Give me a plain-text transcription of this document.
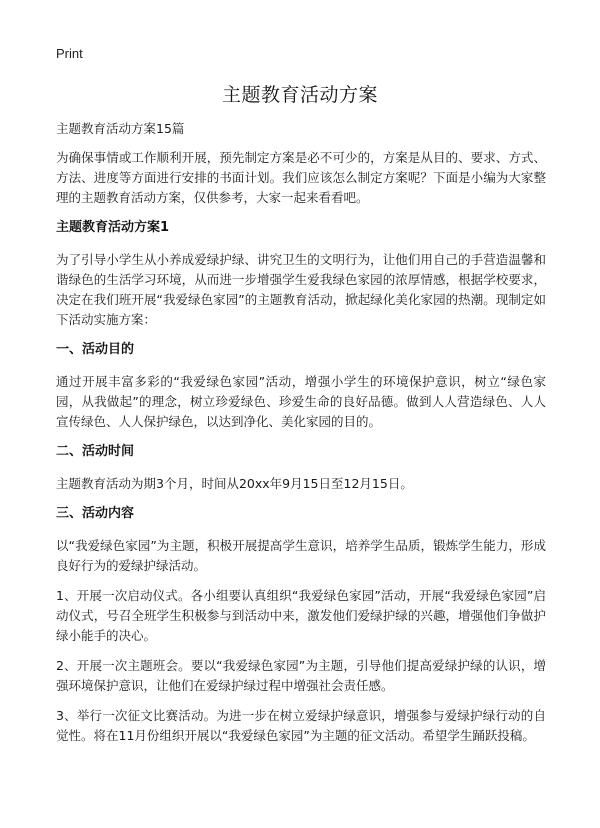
Print
主题教育活动方案
主题教育活动方案15篇

为确保事情或工作顺利开展，预先制定方案是必不可少的，方案是从目的、要求、方式、方法、进度等方面进行安排的书面计划。我们应该怎么制定方案呢？下面是小编为大家整理的主题教育活动方案，仅供参考，大家一起来看看吧。

主题教育活动方案1

为了引导小学生从小养成爱绿护绿、讲究卫生的文明行为，让他们用自己的手营造温馨和谐绿色的生活学习环境，从而进一步增强学生爱我绿色家园的浓厚情感，根据学校要求，决定在我们班开展“我爱绿色家园”的主题教育活动，掀起绿化美化家园的热潮。现制定如下活动实施方案：

一、活动目的

通过开展丰富多彩的“我爱绿色家园”活动，增强小学生的环境保护意识，树立“绿色家园，从我做起”的理念，树立珍爱绿色、珍爱生命的良好品德。做到人人营造绿色、人人宣传绿色、人人保护绿色，以达到净化、美化家园的目的。

二、活动时间

主题教育活动为期3个月，时间从20xx年9月15日至12月15日。

三、活动内容

以“我爱绿色家园”为主题，积极开展提高学生意识，培养学生品质，锻炼学生能力，形成良好行为的爱绿护绿活动。

1、开展一次启动仪式。各小组要认真组织“我爱绿色家园”活动，开展“我爱绿色家园”启动仪式，号召全班学生积极参与到活动中来，激发他们爱绿护绿的兴趣，增强他们争做护绿小能手的决心。

2、开展一次主题班会。要以“我爱绿色家园”为主题，引导他们提高爱绿护绿的认识，增强环境保护意识，让他们在爱绿护绿过程中增强社会责任感。

3、举行一次征文比赛活动。为进一步在树立爱绿护绿意识，增强参与爱绿护绿行动的自觉性。将在11月份组织开展以“我爱绿色家园”为主题的征文活动。希望学生踊跃投稿。
